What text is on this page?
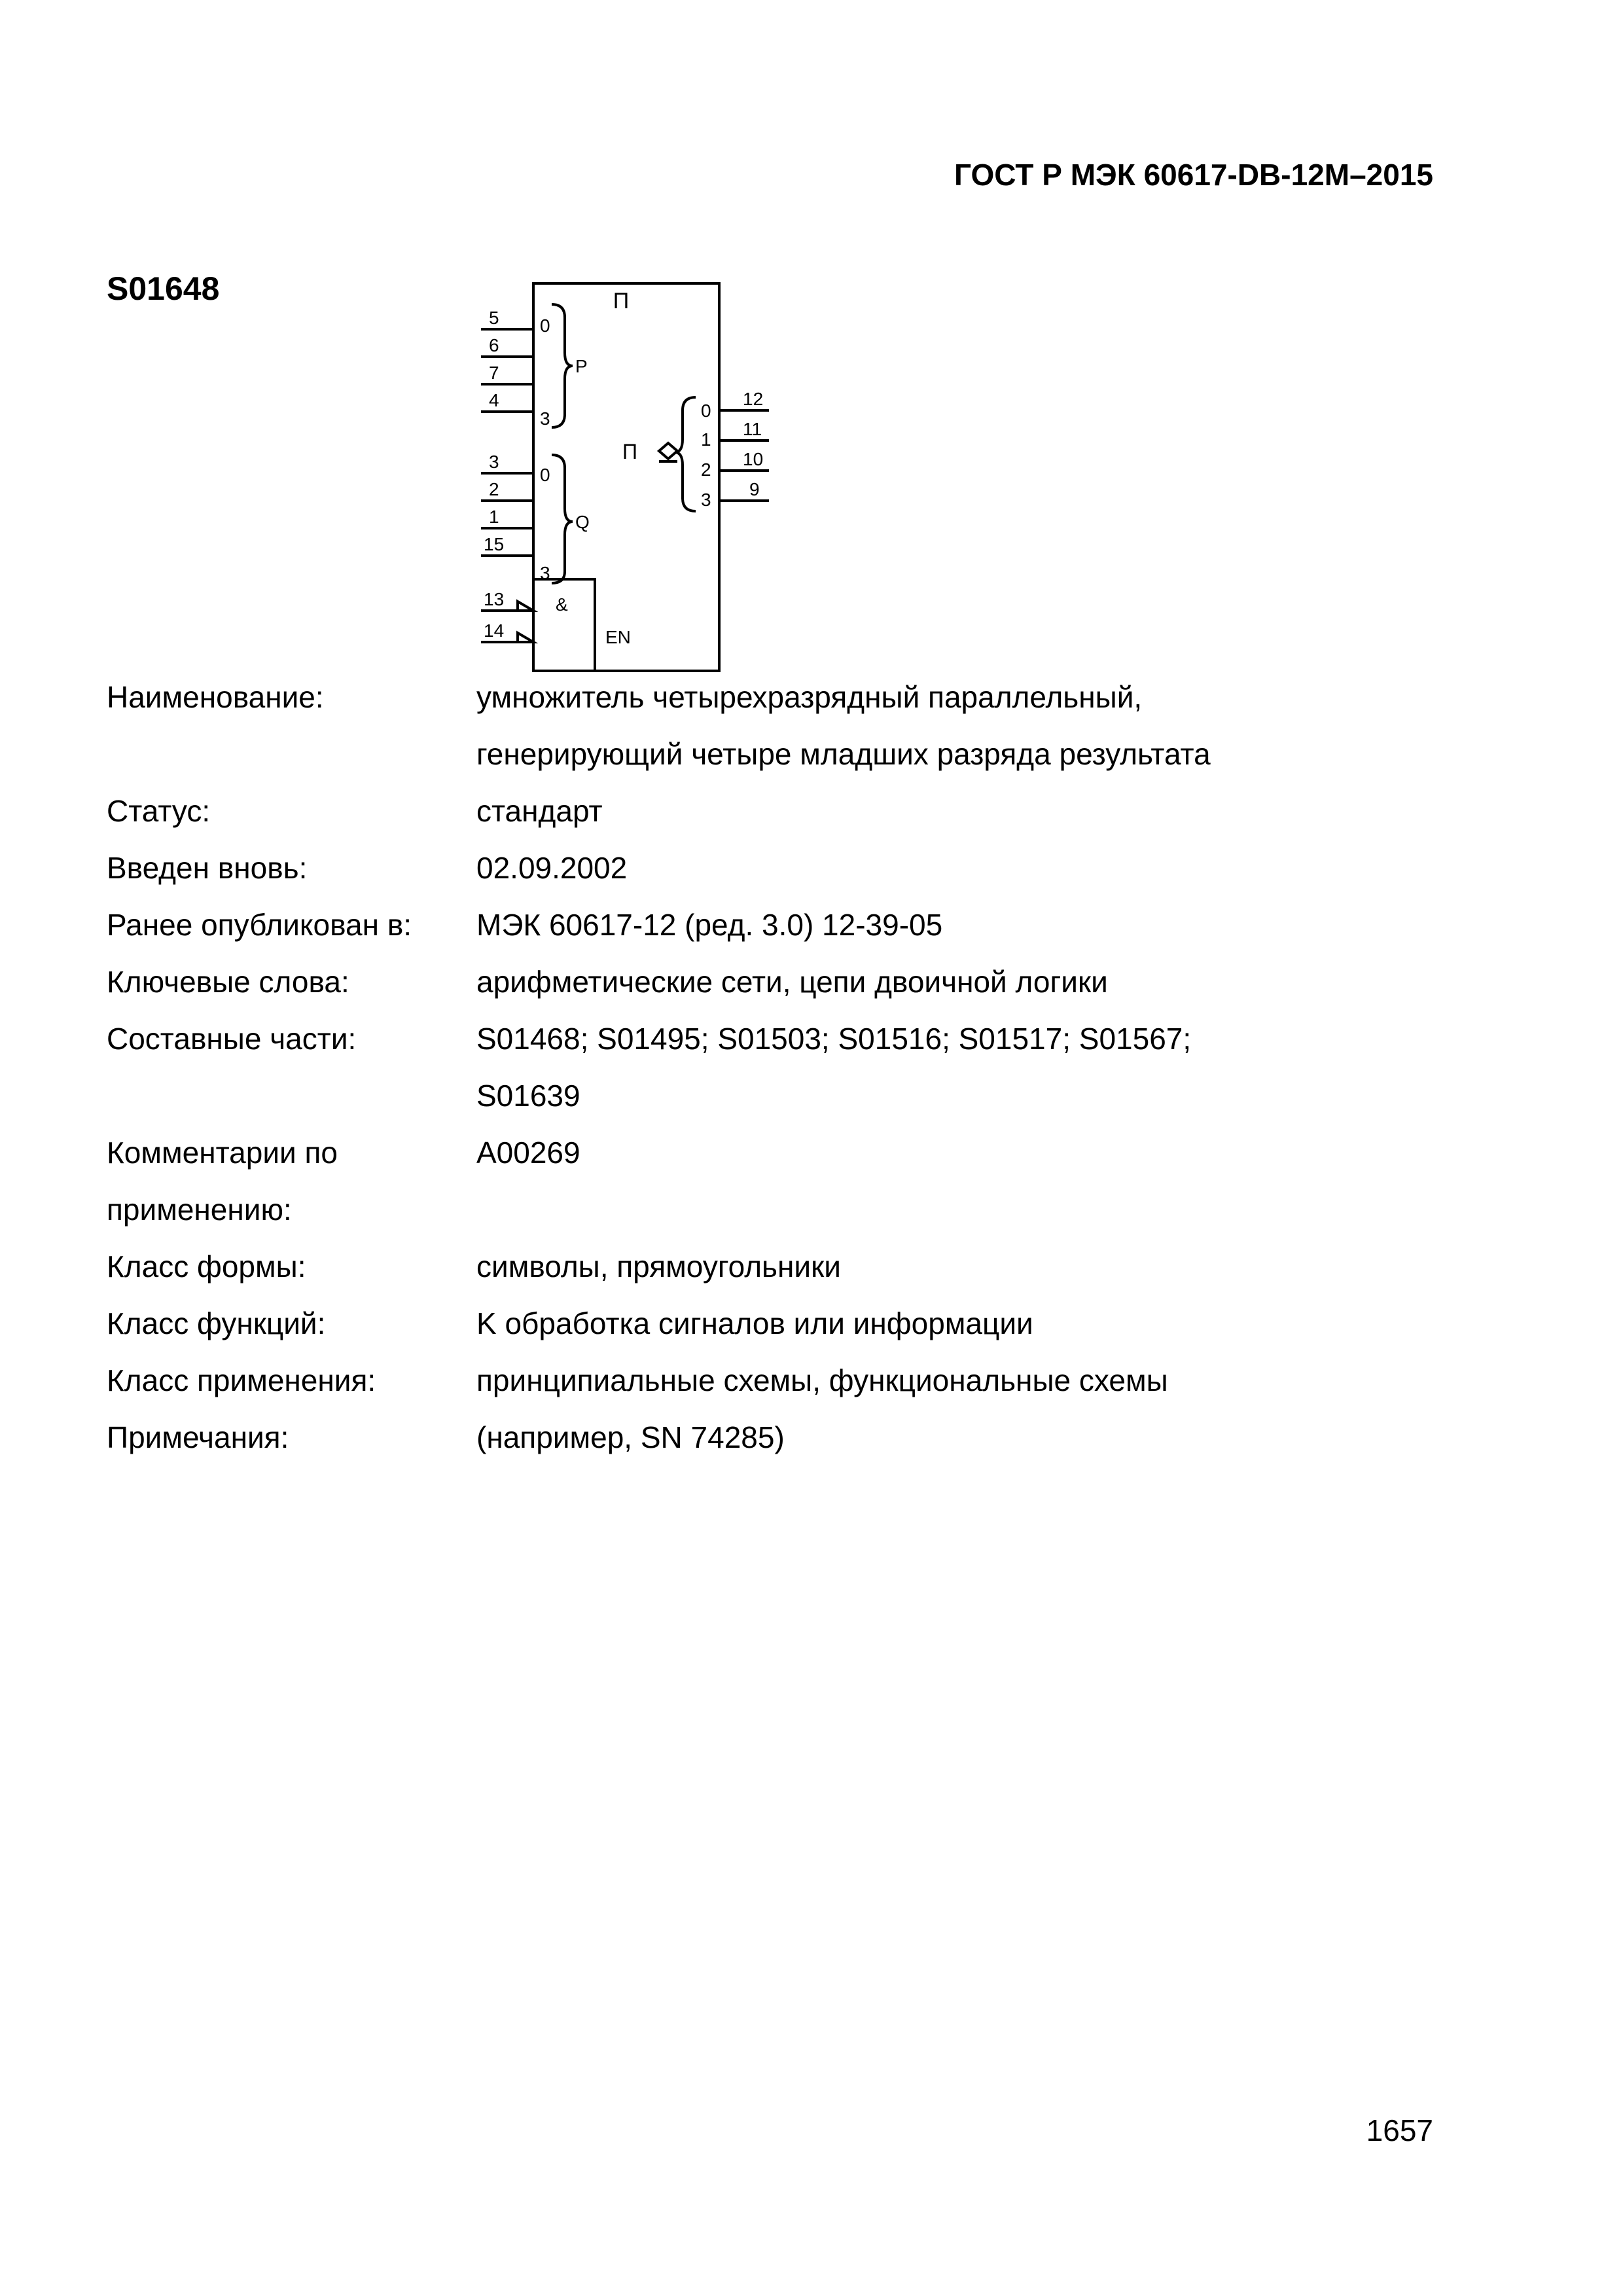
ГОСТ Р МЭК 60617-DB-12M–2015
S01648	П
5
6
7
4
0
3
P
3
2
1
15
0
3
Q
П
0
1
2
3
12
11
10
9
13
14
&
EN
Наименование:	умножитель четырехразрядный параллельный,
генерирующий четыре младших разряда результата
Статус:	стандарт
Введен вновь:	02.09.2002
Ранее опубликован в:	МЭК 60617-12 (ред. 3.0) 12-39-05
Ключевые слова:	арифметические сети, цепи двоичной логики
Составные части:	S01468; S01495; S01503; S01516; S01517; S01567;
S01639
Комментарии по применению:
A00269
Класс формы:	символы, прямоугольники
Класс функций:	K обработка сигналов или информации
Класс применения:	принципиальные схемы, функциональные схемы
Примечания:	(например, SN 74285)
1657
